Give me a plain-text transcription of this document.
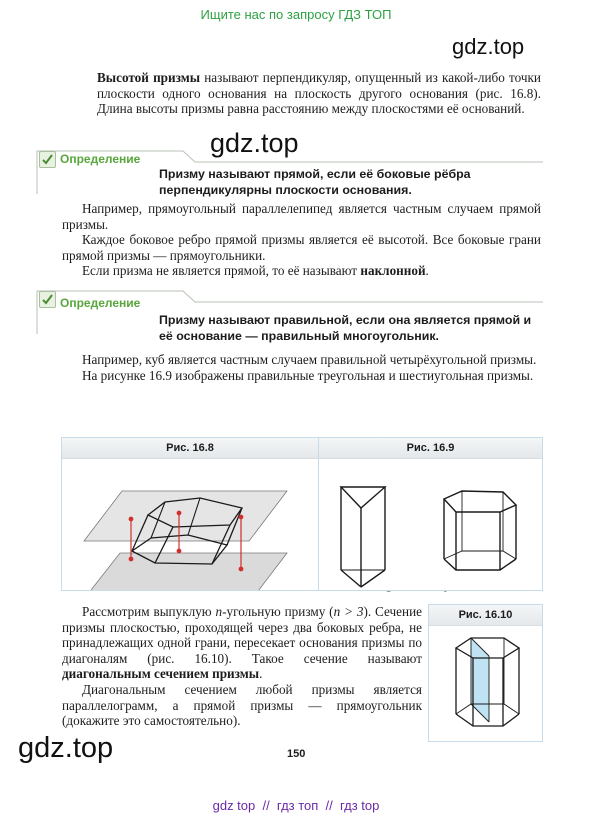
Ищите нас по запросу ГДЗ ТОП
gdz.top
gdz.top
gdz.top

Высотой призмы называют перпендикуляр, опущенный из какой-либо точки плоскости одного основания на плоскость другого основания (рис. 16.8). Длина высоты призмы равна расстоянию между плоскостями её оснований.

Определение
Призму называют прямой, если её боковые рёбра перпендикулярны плоскости основания.

Например, прямоугольный параллелепипед является частным случаем прямой призмы.

Каждое боковое ребро прямой призмы является её высотой. Все боковые грани прямой призмы — прямоугольники.

Если призма не является прямой, то её называют наклонной.

Определение
Призму называют правильной, если она является прямой и её основание — правильный многоугольник.

Например, куб является частным случаем правильной четырёхугольной призмы.

На рисунке 16.9 изображены правильные треугольная и шестиугольная призмы.

Рис. 16.8	Рис. 16.9

Рассмотрим выпуклую n-угольную призму (n > 3). Сечение призмы плоскостью, проходящей через два боковых ребра, не принадлежащих одной грани, пересекает основания призмы по диагоналям (рис. 16.10). Такое сечение называют диагональным сечением призмы.

Диагональным сечением любой призмы является параллелограмм, а прямой призмы — прямоугольник (докажите это самостоятельно).

Рис. 16.10
150
gdz top  //  гдз топ  //  гдз top
